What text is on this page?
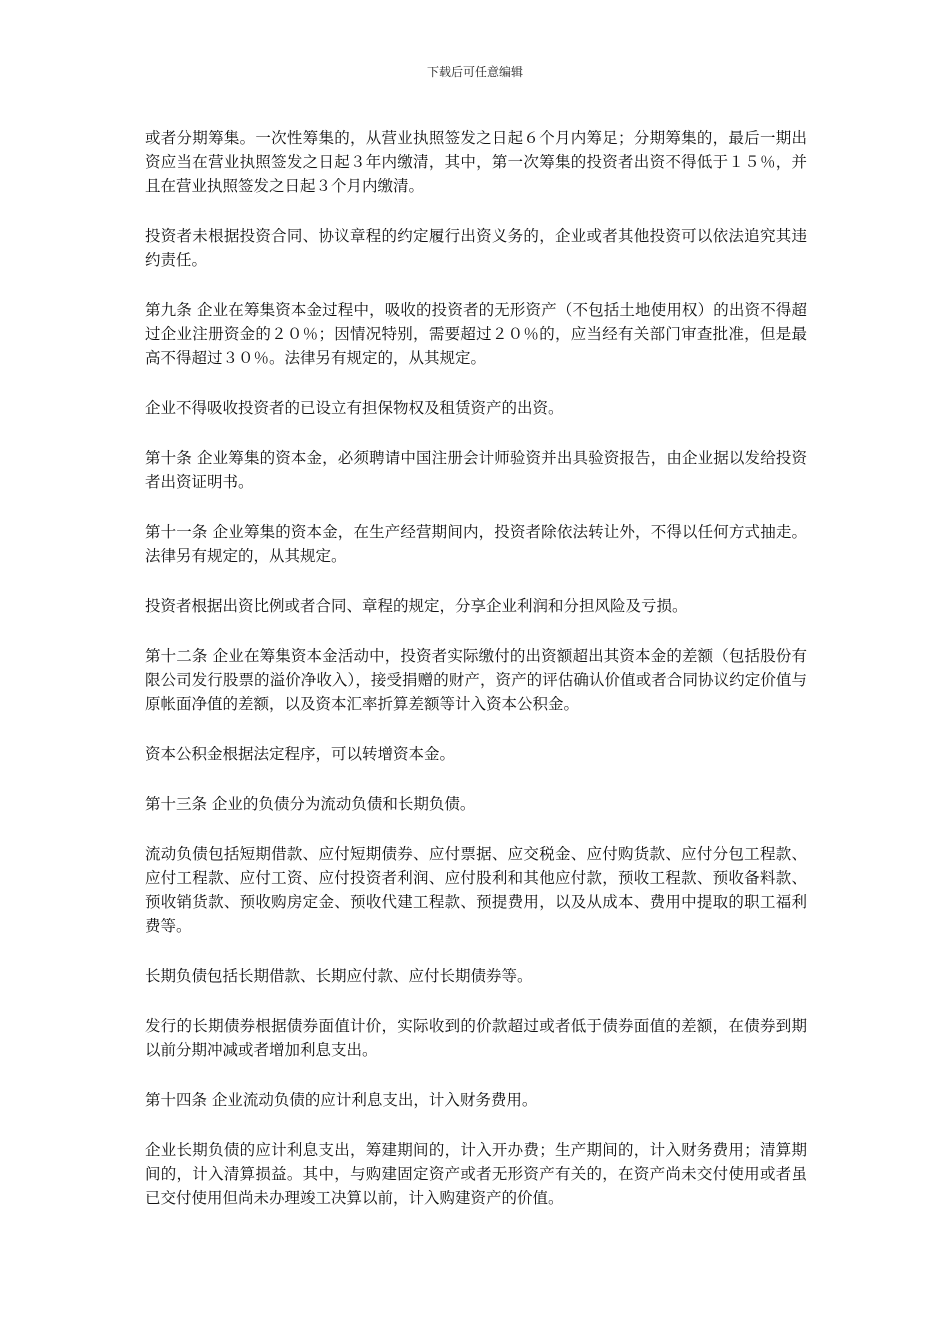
下载后可任意编辑

或者分期筹集。一次性筹集的，从营业执照签发之日起６个月内筹足；分期筹集的，最后一期出资应当在营业执照签发之日起３年内缴清，其中，第一次筹集的投资者出资不得低于１５％，并且在营业执照签发之日起３个月内缴清。

投资者未根据投资合同、协议章程的约定履行出资义务的，企业或者其他投资可以依法追究其违约责任。

第九条 企业在筹集资本金过程中，吸收的投资者的无形资产（不包括土地使用权）的出资不得超过企业注册资金的２０％；因情况特别，需要超过２０％的，应当经有关部门审查批准，但是最高不得超过３０％。法律另有规定的，从其规定。

企业不得吸收投资者的已设立有担保物权及租赁资产的出资。

第十条 企业筹集的资本金，必须聘请中国注册会计师验资并出具验资报告，由企业据以发给投资者出资证明书。

第十一条 企业筹集的资本金，在生产经营期间内，投资者除依法转让外，不得以任何方式抽走。法律另有规定的，从其规定。

投资者根据出资比例或者合同、章程的规定，分享企业利润和分担风险及亏损。

第十二条 企业在筹集资本金活动中，投资者实际缴付的出资额超出其资本金的差额（包括股份有限公司发行股票的溢价净收入），接受捐赠的财产，资产的评估确认价值或者合同协议约定价值与原帐面净值的差额，以及资本汇率折算差额等计入资本公积金。

资本公积金根据法定程序，可以转增资本金。

第十三条 企业的负债分为流动负债和长期负债。

流动负债包括短期借款、应付短期债券、应付票据、应交税金、应付购货款、应付分包工程款、应付工程款、应付工资、应付投资者利润、应付股利和其他应付款，预收工程款、预收备料款、预收销货款、预收购房定金、预收代建工程款、预提费用，以及从成本、费用中提取的职工福利费等。

长期负债包括长期借款、长期应付款、应付长期债券等。

发行的长期债券根据债券面值计价，实际收到的价款超过或者低于债券面值的差额，在债券到期以前分期冲减或者增加利息支出。

第十四条 企业流动负债的应计利息支出，计入财务费用。

企业长期负债的应计利息支出，筹建期间的，计入开办费；生产期间的，计入财务费用；清算期间的，计入清算损益。其中，与购建固定资产或者无形资产有关的，在资产尚未交付使用或者虽已交付使用但尚未办理竣工决算以前，计入购建资产的价值。
